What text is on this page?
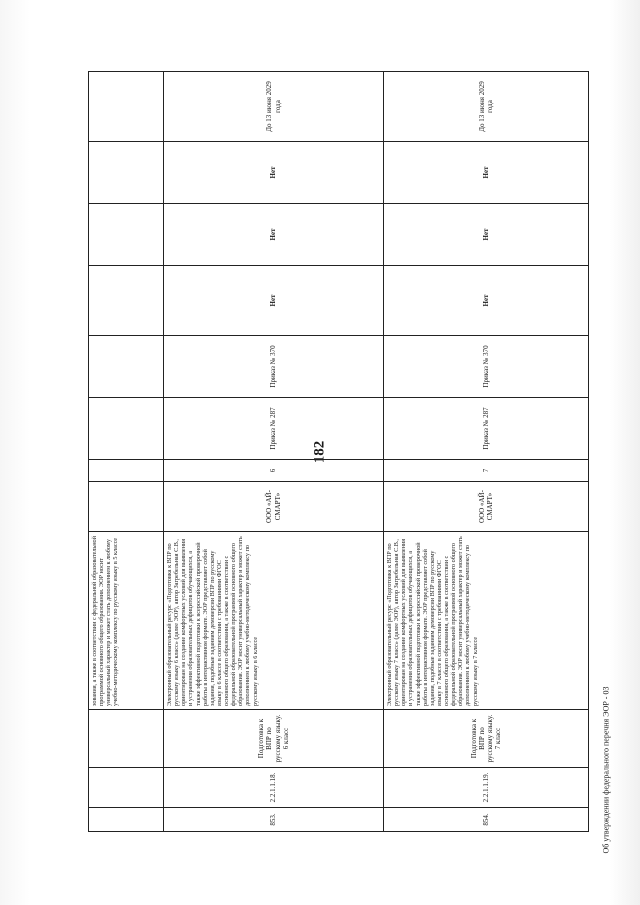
182
			зования, а также в соответствии с федеральной образовательной программой основного общего образования. ЭОР носит универсальный характер и может стать дополнением к любому учебно-методическому комплексу по русскому языку в 5 классе								
853.	2.2.1.1.18.	Подготовка к ВПР по русскому языку. 6 класс	Электронный образовательный ресурс «Подготовка к ВПР по русскому языку 6 класс» (далее ЭОР), автор Загребельная С.В., ориентирован на создание комфортных условий для выявления и устранения образовательных дефицитов обучающихся, а также эффективной подготовки к всероссийской проверочной работы в интерактивном формате. ЭОР представляет собой задания, подобные заданиям демоверсии ВПР по русскому языку в 6 классе в соответствии с требованиями ФГОС основного общего образования, а также в соответствии с федеральной образовательной программой основного общего образования. ЭОР носит универсальный характер и может стать дополнением к любому учебно-методическому комплексу по русскому языку в 6 классе	ООО «АЙ-СМАРТ»	6	Приказ № 287	Приказ № 370	Нет	Нет	Нет	До 13 июня 2029 года
854.	2.2.1.1.19.	Подготовка к ВПР по русскому языку. 7 класс	Электронный образовательный ресурс «Подготовка к ВПР по русскому языку 7 класс» (далее ЭОР), автор Загребельная С.В., ориентирован на создание комфортных условий для выявления и устранения образовательных дефицитов обучающихся, а также эффективной подготовки к всероссийской проверочной работы в интерактивном формате. ЭОР представляет собой задания, подобные заданиям демоверсии ВПР по русскому языку в 7 классе в соответствии с требованиями ФГОС основного общего образования, а также в соответствии с федеральной образовательной программой основного общего образования. ЭОР носит универсальный характер и может стать дополнением к любому учебно-методическому комплексу по русскому языку в 7 классе	ООО «АЙ-СМАРТ»	7	Приказ № 287	Приказ № 370	Нет	Нет	Нет	До 13 июня 2029 года
Об утверждении федерального перечня ЭОР - 03
